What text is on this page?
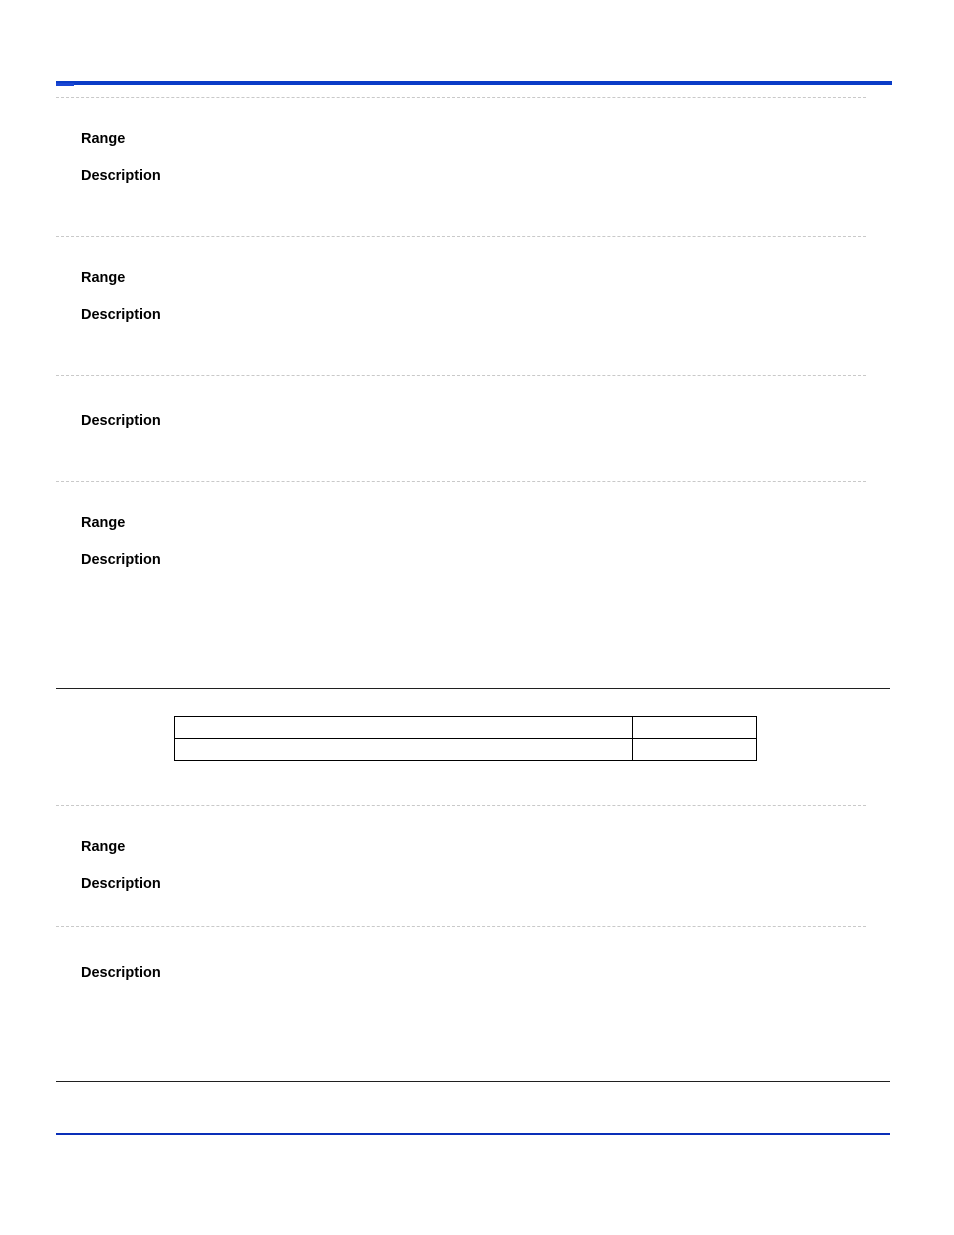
Range
Description
Range
Description
Description
Range
Description

Range
Description
Description
